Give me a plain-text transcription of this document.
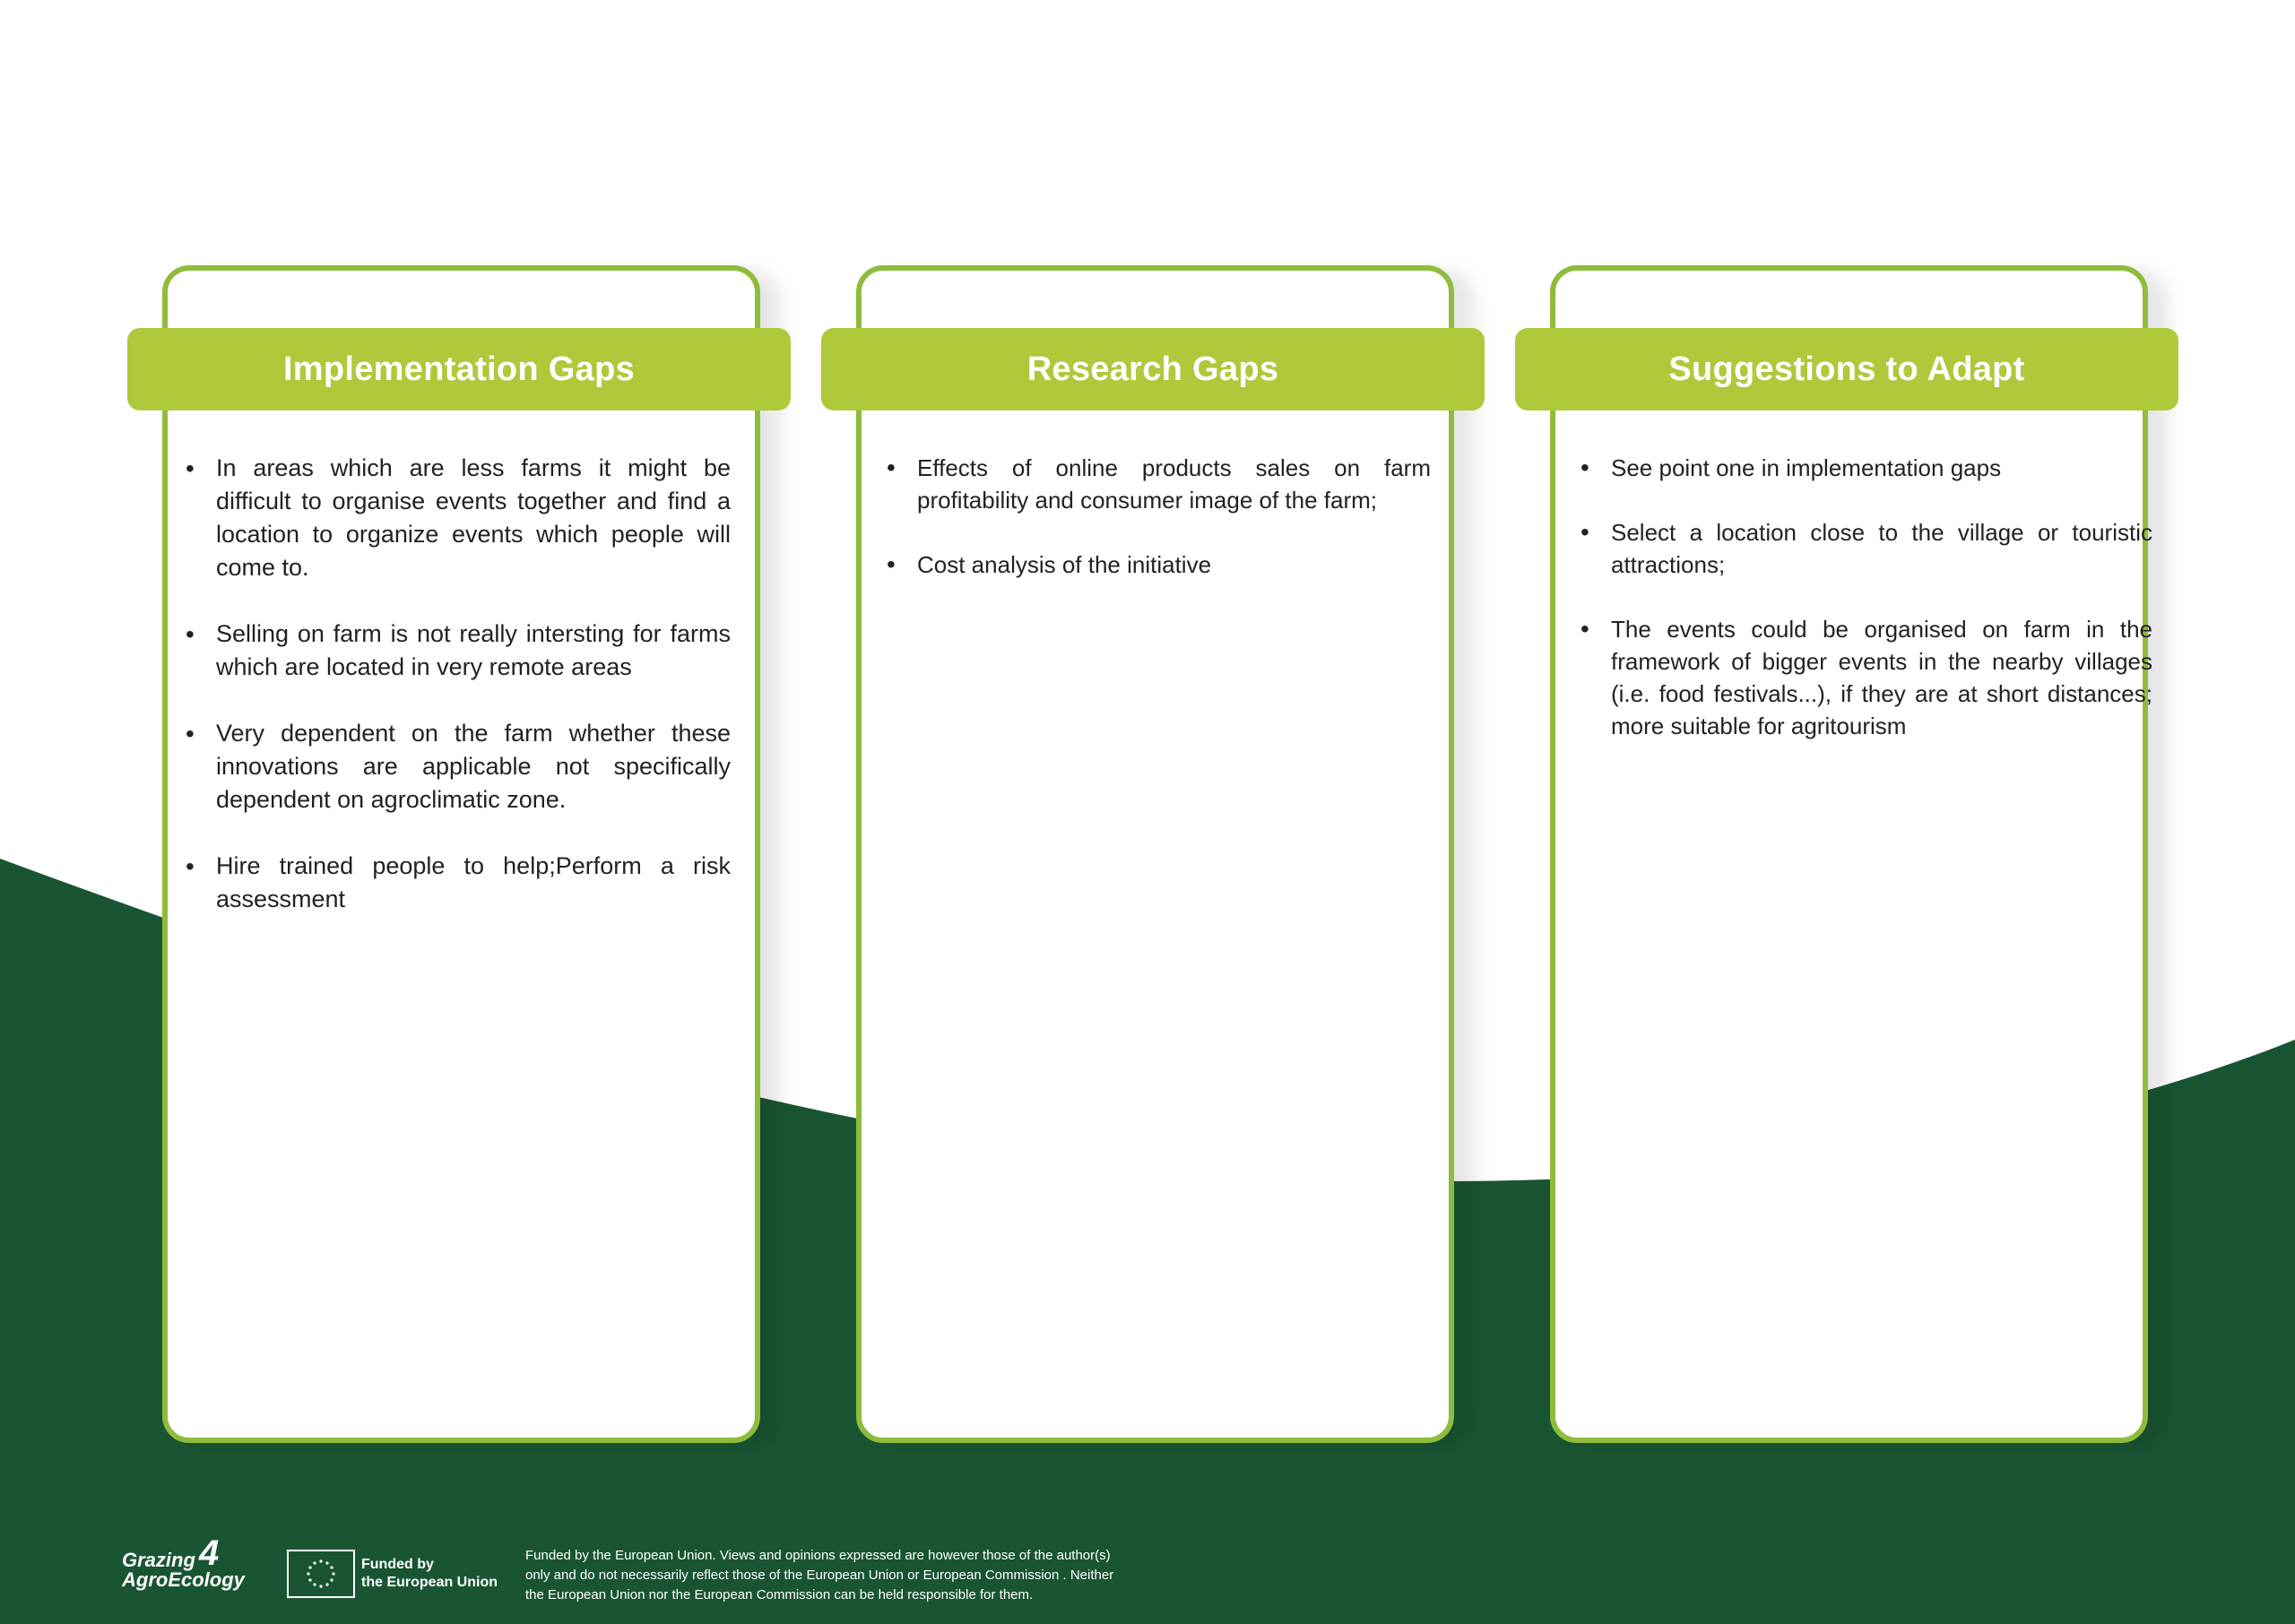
Implementation Gaps
• In areas which are less farms it might be difficult to organise events together and find a location to organize events which people will come to.
• Selling on farm is not really intersting for farms which are located in very remote areas
• Very dependent on the farm whether these innovations are applicable not specifically dependent on agroclimatic zone.
• Hire trained people to help;Perform a risk assessment
Research Gaps
• Effects of online products sales on farm profitability and consumer image of the farm;
• Cost analysis of the initiative
Suggestions to Adapt
• See point one in implementation gaps
• Select a location close to the village or touristic attractions;
• The events could be organised on farm in the framework of bigger events in the nearby villages (i.e. food festivals...), if they are at short distances; more suitable for agritourism
Grazing 4
AgroEcology
Funded by
the European Union
Funded by the European Union. Views and opinions expressed are however those of the author(s)
only and do not necessarily reflect those of the European Union or European Commission . Neither
the European Union nor the European Commission can be held responsible for them.
